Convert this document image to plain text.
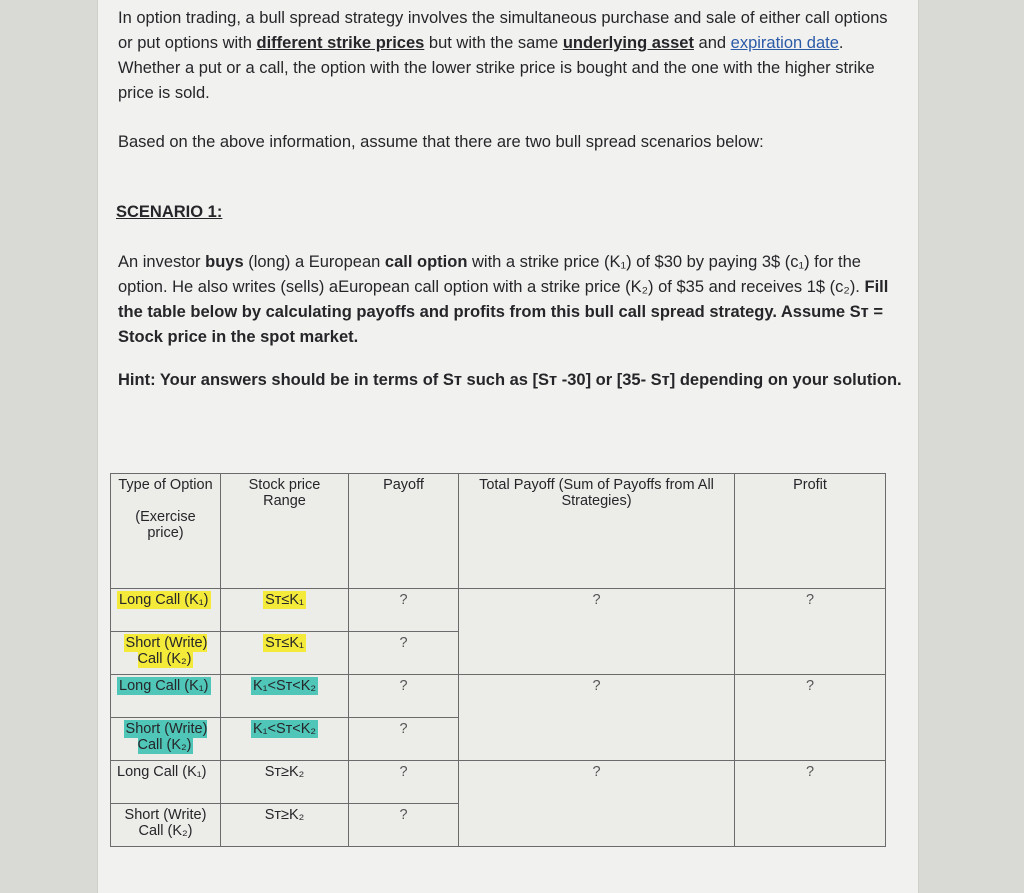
In option trading, a bull spread strategy involves the simultaneous purchase and sale of either call options or put options with different strike prices but with the same underlying asset and expiration date. Whether a put or a call, the option with the lower strike price is bought and the one with the higher strike price is sold.
Based on the above information, assume that there are two bull spread scenarios below:
SCENARIO 1:
An investor buys (long) a European call option with a strike price (K₁) of $30 by paying 3$ (c₁) for the option. He also writes (sells) aEuropean call option with a strike price (K₂) of $35 and receives 1$ (c₂). Fill the table below by calculating payoffs and profits from this bull call spread strategy. Assume Sᴛ = Stock price in the spot market.
Hint: Your answers should be in terms of Sᴛ such as [Sᴛ -30] or [35- Sᴛ] depending on your solution.
Type of Option
(Exercise price)	Stock price Range	Payoff	Total Payoff (Sum of Payoffs from All Strategies)	Profit
Long Call (K₁)	Sᴛ≤K₁	?	?	?
Short (Write) Call (K₂)	Sᴛ≤K₁	?		
Long Call (K₁)	K₁<Sᴛ<K₂	?	?	?
Short (Write) Call (K₂)	K₁<Sᴛ<K₂	?		
Long Call (K₁)	Sᴛ≥K₂	?	?	?
Short (Write) Call (K₂)	Sᴛ≥K₂	?		
